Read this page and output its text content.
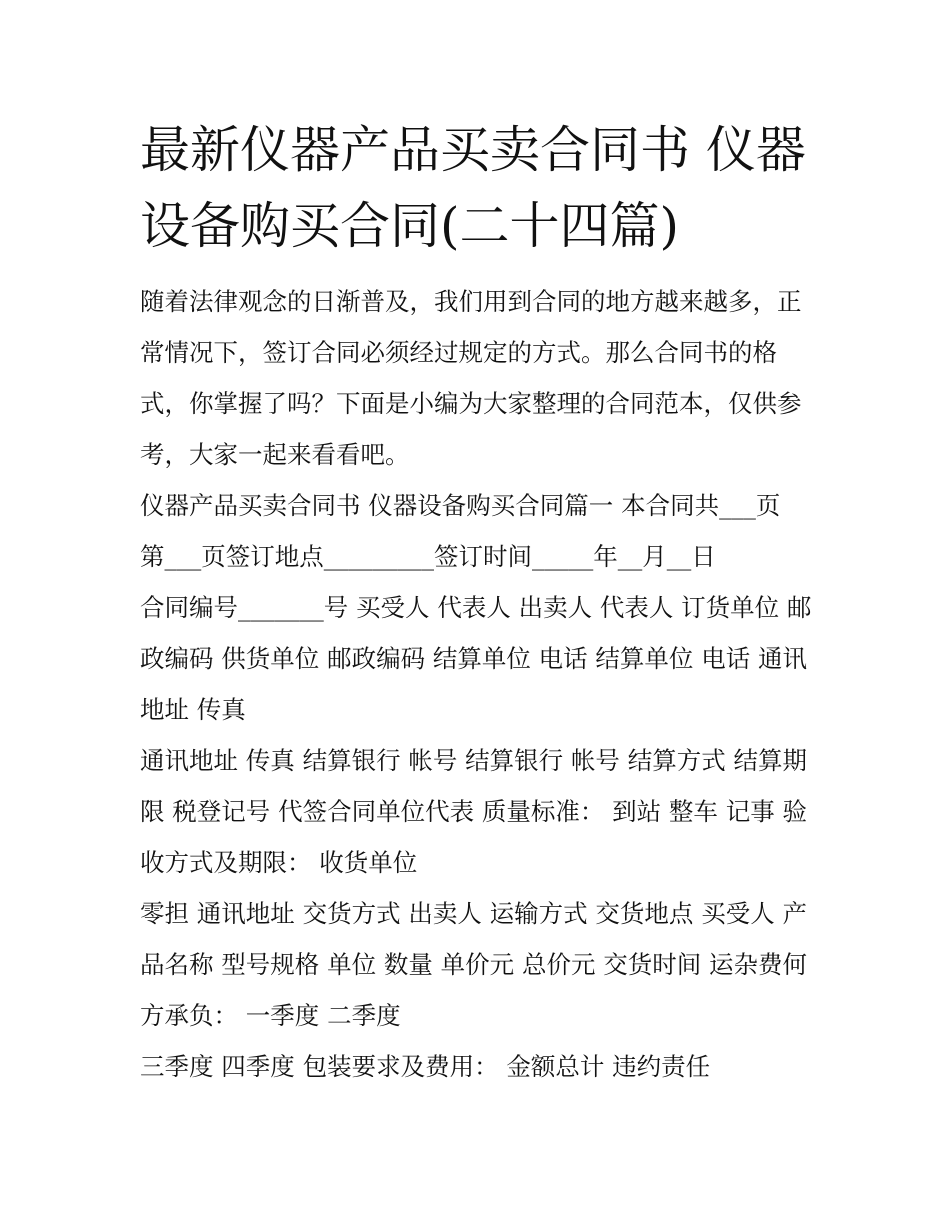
最新仪器产品买卖合同书 仪器
设备购买合同(二十四篇)

随着法律观念的日渐普及，我们用到合同的地方越来越多，正
常情况下，签订合同必须经过规定的方式。那么合同书的格
式，你掌握了吗？下面是小编为大家整理的合同范本，仅供参
考，大家一起来看看吧。

仪器产品买卖合同书 仪器设备购买合同篇一 本合同共___页
第___页签订地点_________签订时间_____年__月__日

合同编号_______号 买受人 代表人 出卖人 代表人 订货单位 邮
政编码 供货单位 邮政编码 结算单位 电话 结算单位 电话 通讯
地址 传真

通讯地址 传真 结算银行 帐号 结算银行 帐号 结算方式 结算期
限 税登记号 代签合同单位代表 质量标准： 到站 整车 记事 验
收方式及期限： 收货单位

零担 通讯地址 交货方式 出卖人 运输方式 交货地点 买受人 产
品名称 型号规格 单位 数量 单价元 总价元 交货时间 运杂费何
方承负： 一季度 二季度

三季度 四季度 包装要求及费用： 金额总计 违约责任
